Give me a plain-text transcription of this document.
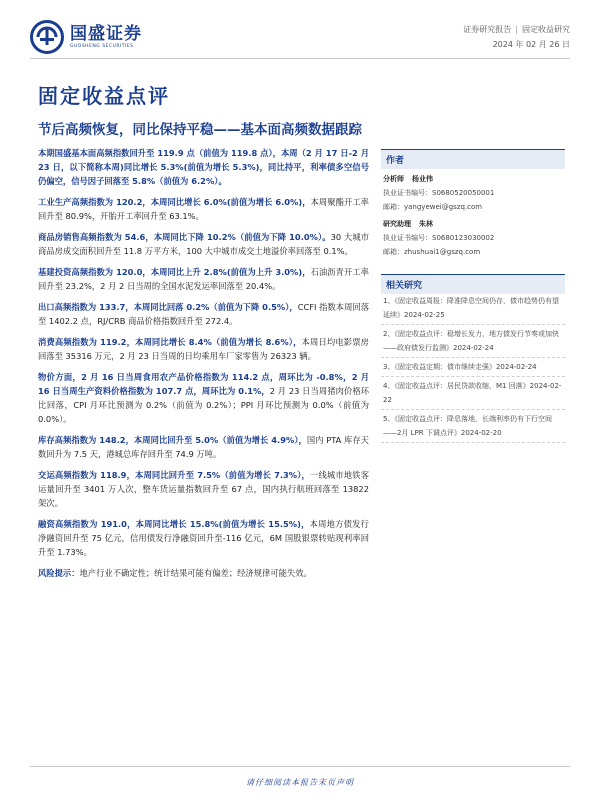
国盛证券
GUOSHENG SECURITIES
证券研究报告 | 固定收益研究
2024 年 02 月 26 日
固定收益点评
节后高频恢复，同比保持平稳——基本面高频数据跟踪

本期国盛基本面高频指数回升至 119.9 点（前值为 119.8 点），本周（2 月 17 日-2 月 23 日，以下简称本周)同比增长 5.3%(前值为增长 5.3%)，同比持平，利率债多空信号仍偏空，信号因子回落至 5.8%（前值为 6.2%）。

工业生产高频指数为 120.2，本周同比增长 6.0%(前值为增长 6.0%)，本周聚酯开工率回升至 80.9%，开胎开工率回升至 63.1%。

商品房销售高频指数为 54.6，本周同比下降 10.2%（前值为下降 10.0%）。30 大城市商品房成交面积回升至 11.8 万平方米，100 大中城市成交土地溢价率回落至 0.1%。

基建投资高频指数为 120.0，本周同比上升 2.8%(前值为上升 3.0%)，石油沥青开工率回升至 23.2%，2 月 2 日当周的全国水泥发运率回落至 20.4%。

出口高频指数为 133.7，本周同比回落 0.2%（前值为下降 0.5%），CCFI 指数本周回落至 1402.2 点，RJ/CRB 商品价格指数回升至 272.4。

消费高频指数为 119.2，本周同比增长 8.4%（前值为增长 8.6%），本周日均电影票房回落至 35316 万元，2 月 23 日当周的日均乘用车厂家零售为 26323 辆。

物价方面，2 月 16 日当周食用农产品价格指数为 114.2 点，周环比为 -0.8%，2 月 16 日当周生产资料价格指数为 107.7 点，周环比为 0.1%，2 月 23 日当周猪肉价格环比回落，CPI 月环比预测为 0.2%（前值为 0.2%）；PPI 月环比预测为 0.0%（前值为 0.0%）。

库存高频指数为 148.2，本周同比回升至 5.0%（前值为增长 4.9%），国内 PTA 库存天数回升为 7.5 天，港城总库存回升至 74.9 万吨。

交运高频指数为 118.9，本周同比回升至 7.5%（前值为增长 7.3%），一线城市地铁客运量回升至 3401 万人次，整车货运量指数回升至 67 点，国内执行航班回落至 13822 架次。

融资高频指数为 191.0，本周同比增长 15.8%(前值为增长 15.5%)，本周地方债发行净融资回升至 75 亿元，信用债发行净融资回升至-116 亿元，6M 国股银票转贴现利率回升至 1.73%。

风险提示：地产行业不确定性；统计结果可能有偏差；经济规律可能失效。

作者
分析师 杨业伟
执业证书编号：S0680520050001
邮箱：yangyewei@gszq.com
研究助理 朱林
执业证书编号：S0680123030002
邮箱：zhushuai1@gszq.com
相关研究
1、《固定收益周报：降准降息空间仍存，债市趋势仍有望延续》2024-02-25
2、《固定收益点评：稳增长发力，地方债发行节奏或加快——政府债发行监测》2024-02-24
3、《固定收益定期：债市继续走强》2024-02-24
4、《固定收益点评：居民贷款收缩，M1 回落》2024-02-22
5、《固定收益点评：降息落地，长端利率仍有下行空间——2月 LPR 下调点评》2024-02-20
请仔细阅读本报告末页声明
